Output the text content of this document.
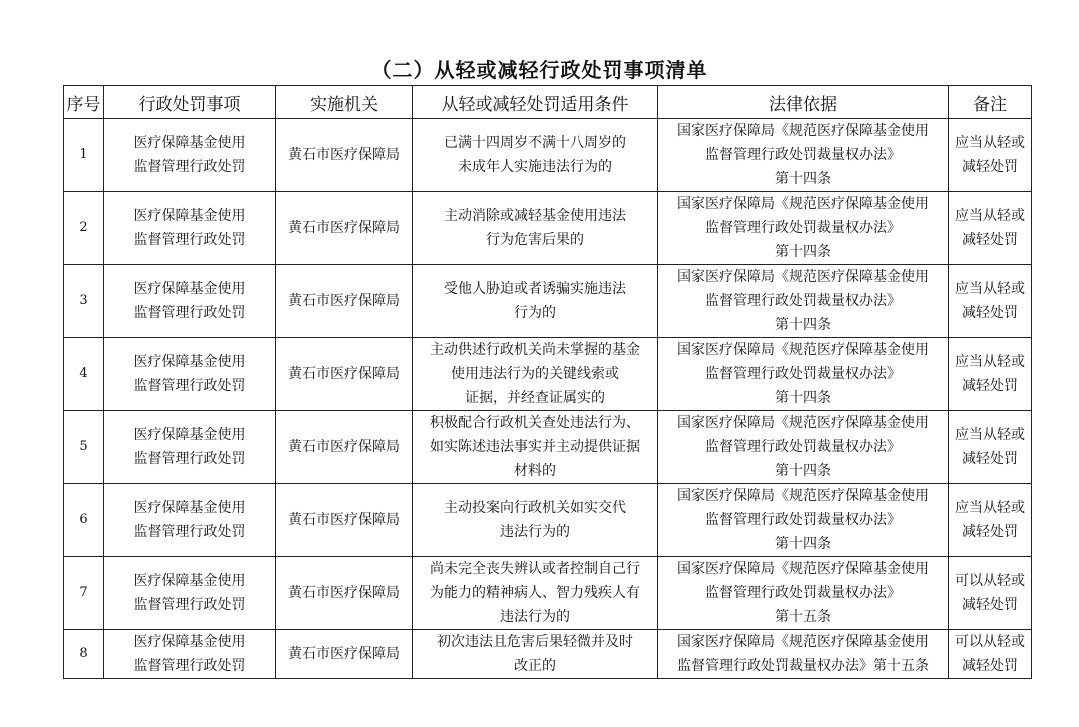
（二）从轻或减轻行政处罚事项清单
序号	行政处罚事项	实施机关	从轻或减轻处罚适用条件	法律依据	备注
1	医疗保障基金使用
监督管理行政处罚	黄石市医疗保障局	已满十四周岁不满十八周岁的
未成年人实施违法行为的	国家医疗保障局《规范医疗保障基金使用
监督管理行政处罚裁量权办法》
第十四条	应当从轻或
减轻处罚

2	医疗保障基金使用
监督管理行政处罚	黄石市医疗保障局	主动消除或减轻基金使用违法
行为危害后果的	国家医疗保障局《规范医疗保障基金使用
监督管理行政处罚裁量权办法》
第十四条	应当从轻或
减轻处罚

3	医疗保障基金使用
监督管理行政处罚	黄石市医疗保障局	受他人胁迫或者诱骗实施违法
行为的	国家医疗保障局《规范医疗保障基金使用
监督管理行政处罚裁量权办法》
第十四条	应当从轻或
减轻处罚

4	医疗保障基金使用
监督管理行政处罚	黄石市医疗保障局	主动供述行政机关尚未掌握的基金
使用违法行为的关键线索或
证据，并经查证属实的	国家医疗保障局《规范医疗保障基金使用
监督管理行政处罚裁量权办法》
第十四条	应当从轻或
减轻处罚

5	医疗保障基金使用
监督管理行政处罚	黄石市医疗保障局	积极配合行政机关查处违法行为、
如实陈述违法事实并主动提供证据
材料的	国家医疗保障局《规范医疗保障基金使用
监督管理行政处罚裁量权办法》
第十四条	应当从轻或
减轻处罚

6	医疗保障基金使用
监督管理行政处罚	黄石市医疗保障局	主动投案向行政机关如实交代
违法行为的	国家医疗保障局《规范医疗保障基金使用
监督管理行政处罚裁量权办法》
第十四条	应当从轻或
减轻处罚

7	医疗保障基金使用
监督管理行政处罚	黄石市医疗保障局	尚未完全丧失辨认或者控制自己行
为能力的精神病人、智力残疾人有
违法行为的	国家医疗保障局《规范医疗保障基金使用
监督管理行政处罚裁量权办法》
第十五条	可以从轻或
减轻处罚

8	医疗保障基金使用
监督管理行政处罚	黄石市医疗保障局	初次违法且危害后果轻微并及时
改正的	国家医疗保障局《规范医疗保障基金使用
监督管理行政处罚裁量权办法》第十五条	可以从轻或
减轻处罚
